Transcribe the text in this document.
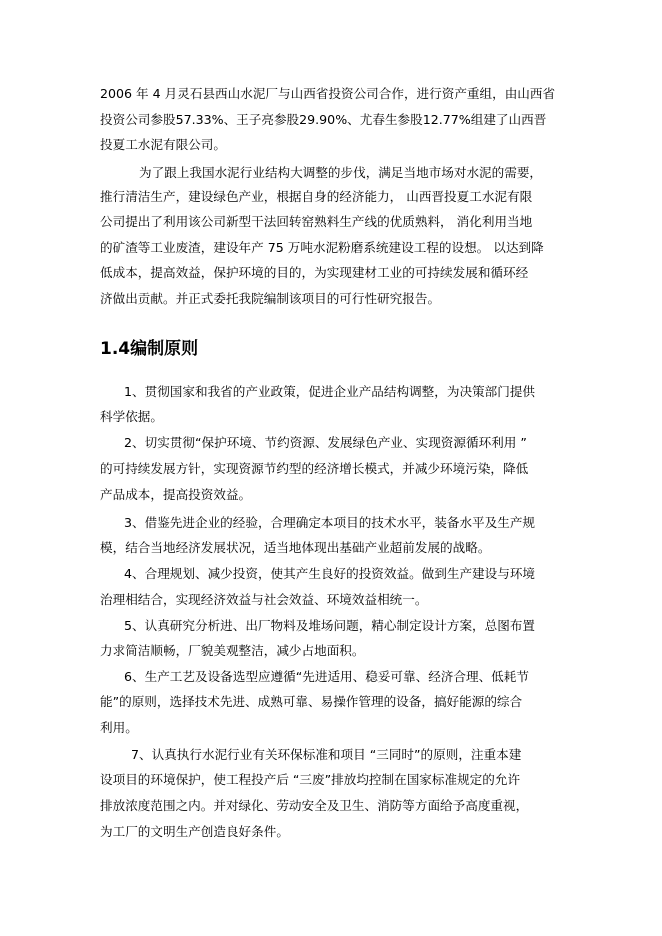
2006 年 4 月灵石县西山水泥厂与山西省投资公司合作，进行资产重组，由山西省
投资公司参股57.33%、王子亮参股29.90%、尤春生参股12.77%组建了山西晋
投夏工水泥有限公司。
为了跟上我国水泥行业结构大调整的步伐，满足当地市场对水泥的需要，
推行清洁生产，建设绿色产业，根据自身的经济能力， 山西晋投夏工水泥有限
公司提出了利用该公司新型干法回转窑熟料生产线的优质熟料， 消化利用当地
的矿渣等工业废渣，建设年产 75 万吨水泥粉磨系统建设工程的设想。 以达到降
低成本，提高效益，保护环境的目的，为实现建材工业的可持续发展和循环经
济做出贡献。并正式委托我院编制该项目的可行性研究报告。
1.4编制原则
1、贯彻国家和我省的产业政策，促进企业产品结构调整，为决策部门提供
科学依据。
2、切实贯彻“保护环境、节约资源、发展绿色产业、实现资源循环利用 ”
的可持续发展方针，实现资源节约型的经济增长模式，并减少环境污染，降低
产品成本，提高投资效益。
3、借鉴先进企业的经验，合理确定本项目的技术水平，装备水平及生产规
模，结合当地经济发展状况，适当地体现出基础产业超前发展的战略。
4、合理规划、减少投资，使其产生良好的投资效益。做到生产建设与环境
治理相结合，实现经济效益与社会效益、环境效益相统一。
5、认真研究分析进、出厂物料及堆场问题，精心制定设计方案，总图布置
力求简洁顺畅，厂貌美观整洁，减少占地面积。
6、生产工艺及设备选型应遵循“先进适用、稳妥可靠、经济合理、低耗节
能”的原则，选择技术先进、成熟可靠、易操作管理的设备，搞好能源的综合
利用。
7、认真执行水泥行业有关环保标准和项目 “三同时”的原则，注重本建
设项目的环境保护，使工程投产后 “三废”排放均控制在国家标准规定的允许
排放浓度范围之内。并对绿化、劳动安全及卫生、消防等方面给予高度重视，
为工厂的文明生产创造良好条件。
